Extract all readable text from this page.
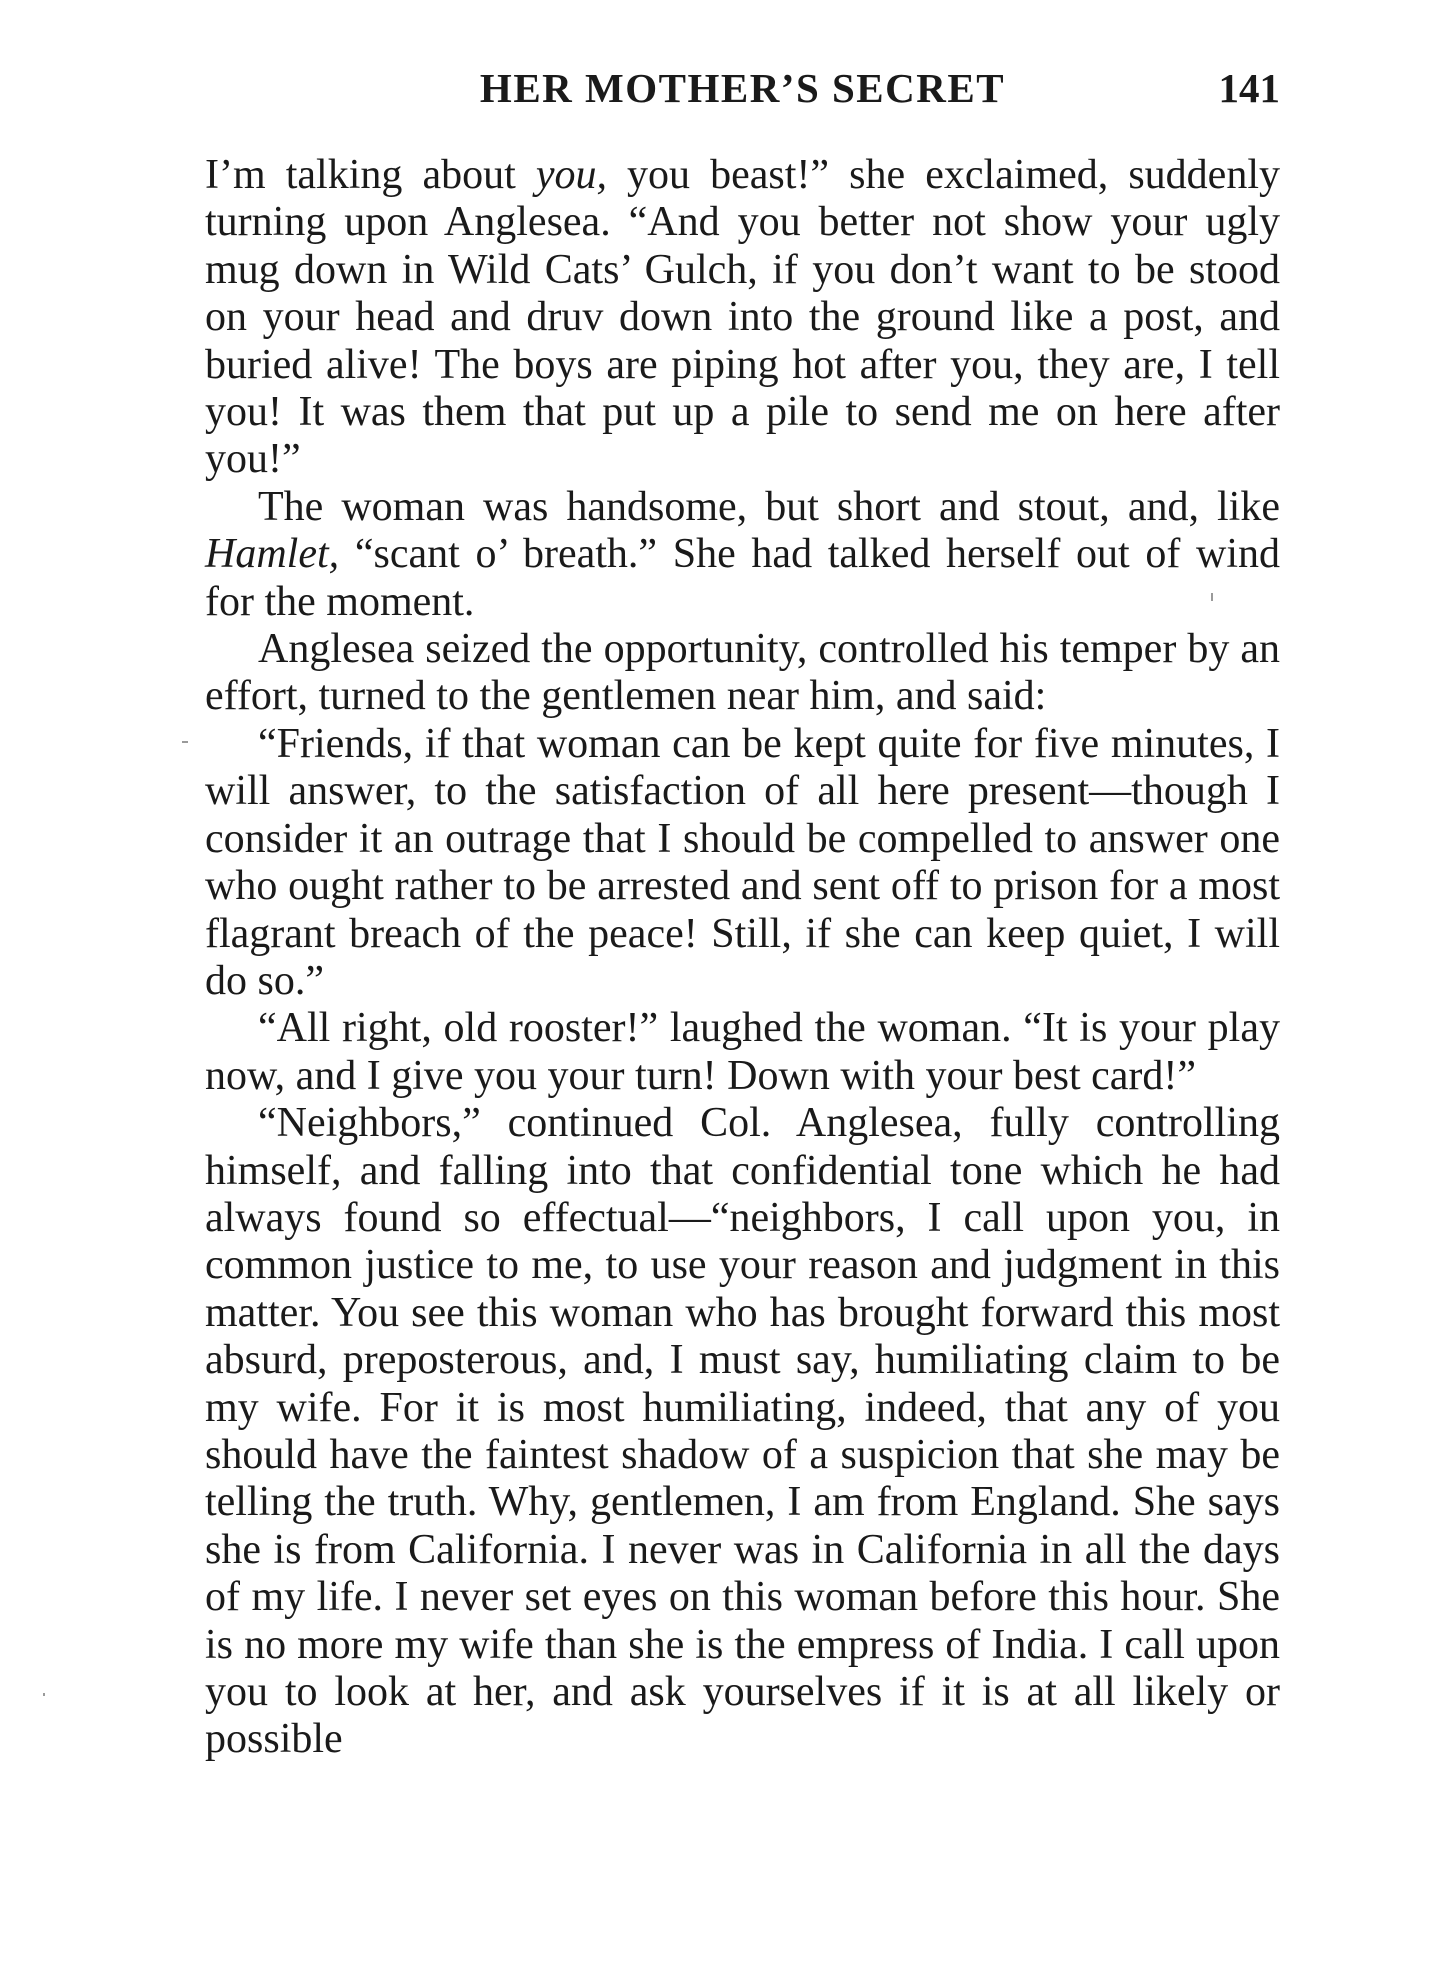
HER MOTHER’S SECRET	141

I’m talking about you, you beast!” she exclaimed, suddenly turning upon Anglesea. “And you better not show your ugly mug down in Wild Cats’ Gulch, if you don’t want to be stood on your head and druv down into the ground like a post, and buried alive! The boys are piping hot after you, they are, I tell you! It was them that put up a pile to send me on here after you!”

The woman was handsome, but short and stout, and, like Hamlet, “scant o’ breath.” She had talked herself out of wind for the moment.

Anglesea seized the opportunity, controlled his temper by an effort, turned to the gentlemen near him, and said:

“Friends, if that woman can be kept quite for five minutes, I will answer, to the satisfaction of all here present—though I consider it an outrage that I should be compelled to answer one who ought rather to be arrested and sent off to prison for a most flagrant breach of the peace! Still, if she can keep quiet, I will do so.”

“All right, old rooster!” laughed the woman. “It is your play now, and I give you your turn! Down with your best card!”

“Neighbors,” continued Col. Anglesea, fully controlling himself, and falling into that confidential tone which he had always found so effectual—“neighbors, I call upon you, in common justice to me, to use your reason and judgment in this matter. You see this woman who has brought forward this most absurd, preposterous, and, I must say, humiliating claim to be my wife. For it is most humiliating, indeed, that any of you should have the faintest shadow of a suspicion that she may be telling the truth. Why, gentlemen, I am from England. She says she is from California. I never was in California in all the days of my life. I never set eyes on this woman before this hour. She is no more my wife than she is the empress of India. I call upon you to look at her, and ask yourselves if it is at all likely or possible
